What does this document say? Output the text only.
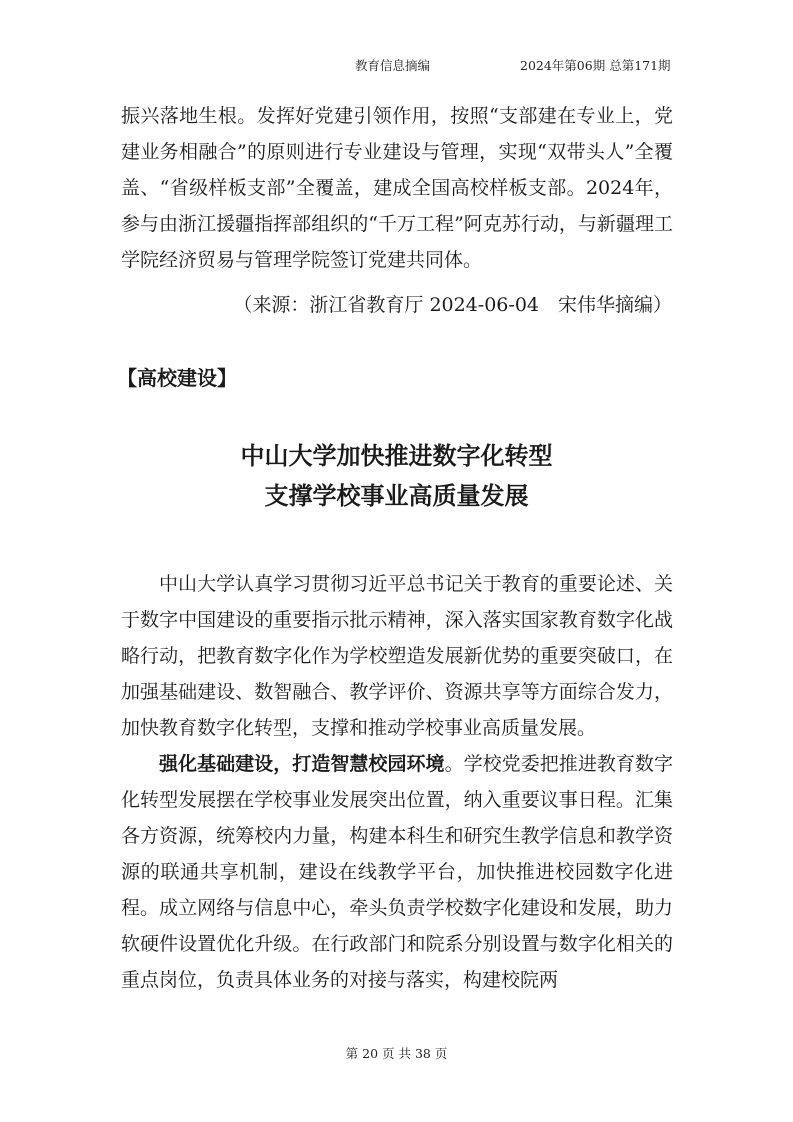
教育信息摘编	2024年第06期 总第171期

振兴落地生根。发挥好党建引领作用，按照“支部建在专业上，党建业务相融合”的原则进行专业建设与管理，实现“双带头人”全覆盖、“省级样板支部”全覆盖，建成全国高校样板支部。2024年，参与由浙江援疆指挥部组织的“千万工程”阿克苏行动，与新疆理工学院经济贸易与管理学院签订党建共同体。

（来源：浙江省教育厅 2024-06-04　宋伟华摘编）
【高校建设】
中山大学加快推进数字化转型
支撑学校事业高质量发展

中山大学认真学习贯彻习近平总书记关于教育的重要论述、关于数字中国建设的重要指示批示精神，深入落实国家教育数字化战略行动，把教育数字化作为学校塑造发展新优势的重要突破口，在加强基础建设、数智融合、教学评价、资源共享等方面综合发力，加快教育数字化转型，支撑和推动学校事业高质量发展。

强化基础建设，打造智慧校园环境。学校党委把推进教育数字化转型发展摆在学校事业发展突出位置，纳入重要议事日程。汇集各方资源，统筹校内力量，构建本科生和研究生教学信息和教学资源的联通共享机制，建设在线教学平台，加快推进校园数字化进程。成立网络与信息中心，牵头负责学校数字化建设和发展，助力软硬件设置优化升级。在行政部门和院系分别设置与数字化相关的重点岗位，负责具体业务的对接与落实，构建校院两

第 20 页 共 38 页
